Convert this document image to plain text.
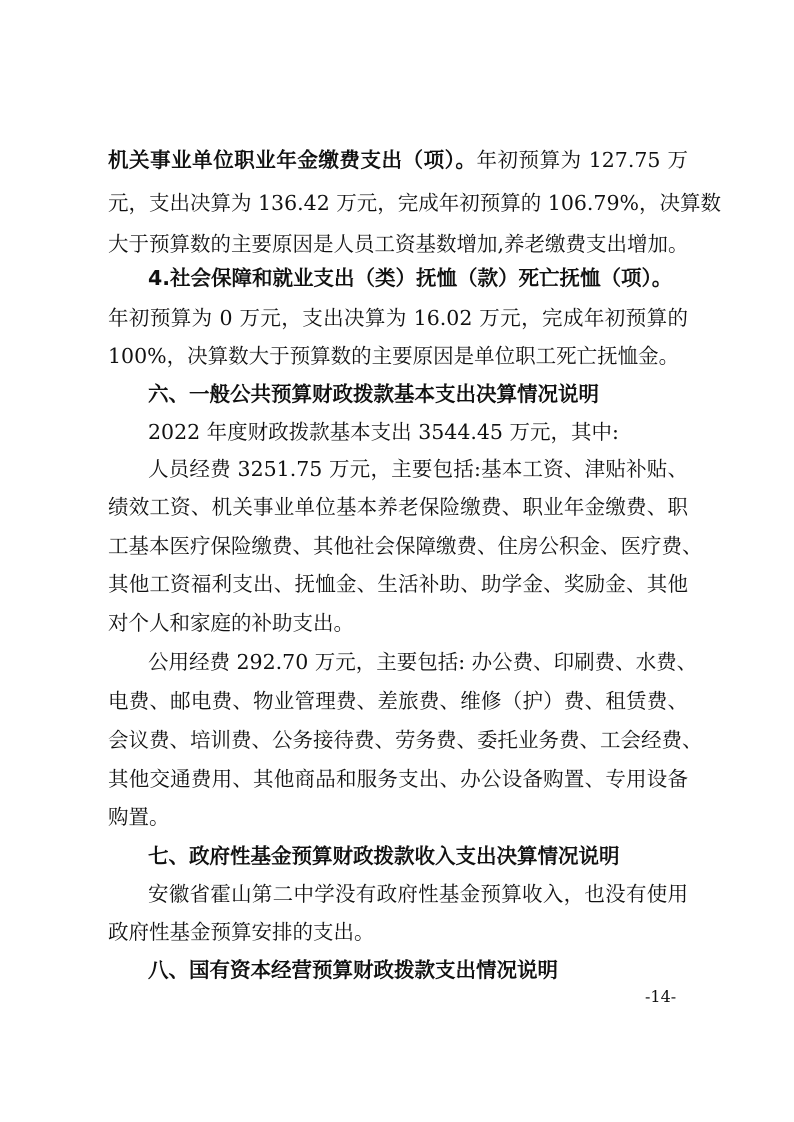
机关事业单位职业年金缴费支出（项）。年初预算为 127.75 万
元，支出决算为 136.42 万元，完成年初预算的 106.79%，决算数
大于预算数的主要原因是人员工资基数增加,养老缴费支出增加。
4.社会保障和就业支出（类）抚恤（款）死亡抚恤（项）。
年初预算为 0 万元，支出决算为 16.02 万元，完成年初预算的
100%，决算数大于预算数的主要原因是单位职工死亡抚恤金。
六、一般公共预算财政拨款基本支出决算情况说明
2022 年度财政拨款基本支出 3544.45 万元，其中:
人员经费 3251.75 万元，主要包括:基本工资、津贴补贴、
绩效工资、机关事业单位基本养老保险缴费、职业年金缴费、职
工基本医疗保险缴费、其他社会保障缴费、住房公积金、医疗费、
其他工资福利支出、抚恤金、生活补助、助学金、奖励金、其他
对个人和家庭的补助支出。
公用经费 292.70 万元，主要包括: 办公费、印刷费、水费、
电费、邮电费、物业管理费、差旅费、维修（护）费、租赁费、
会议费、培训费、公务接待费、劳务费、委托业务费、工会经费、
其他交通费用、其他商品和服务支出、办公设备购置、专用设备
购置。
七、政府性基金预算财政拨款收入支出决算情况说明
安徽省霍山第二中学没有政府性基金预算收入，也没有使用
政府性基金预算安排的支出。
八、国有资本经营预算财政拨款支出情况说明
-14-
